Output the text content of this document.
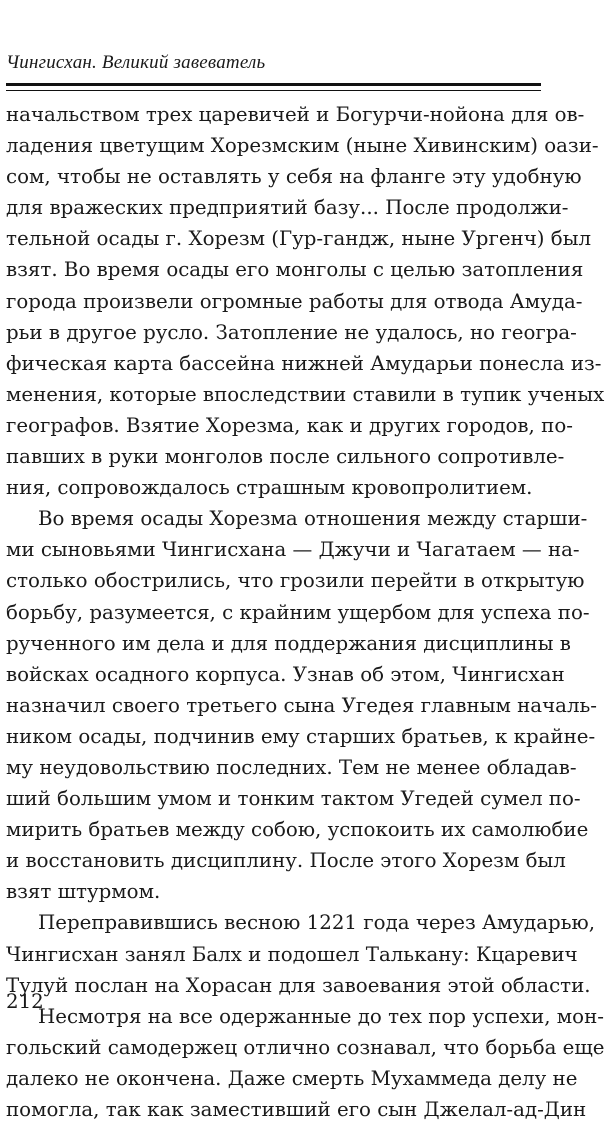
Чингисхан. Великий завеватель
начальством трех царевичей и Богурчи-нойона для ов-
ладения цветущим Хорезмским (ныне Хивинским) оази-
сом, чтобы не оставлять у себя на фланге эту удобную
для вражеских предприятий базу... После продолжи-
тельной осады г. Хорезм (Гур-гандж, ныне Ургенч) был
взят. Во время осады его монголы с целью затопления
города произвели огромные работы для отвода Амуда-
рьи в другое русло. Затопление не удалось, но геогра-
фическая карта бассейна нижней Амударьи понесла из-
менения, которые впоследствии ставили в тупик ученых
географов. Взятие Хорезма, как и других городов, по-
павших в руки монголов после сильного сопротивле-
ния, сопровождалось страшным кровопролитием.
Во время осады Хорезма отношения между старши-
ми сыновьями Чингисхана — Джучи и Чагатаем — на-
столько обострились, что грозили перейти в открытую
борьбу, разумеется, с крайним ущербом для успеха по-
рученного им дела и для поддержания дисциплины в
войсках осадного корпуса. Узнав об этом, Чингисхан
назначил своего третьего сына Угедея главным началь-
ником осады, подчинив ему старших братьев, к крайне-
му неудовольствию последних. Тем не менее обладав-
ший большим умом и тонким тактом Угедей сумел по-
мирить братьев между собою, успокоить их самолюбие
и восстановить дисциплину. После этого Хорезм был
взят штурмом.
Переправившись весною 1221 года через Амударью,
Чингисхан занял Балх и подошел Талькану: Кцаревич
Тулуй послан на Хорасан для завоевания этой области.
Несмотря на все одержанные до тех пор успехи, мон-
гольский самодержец отлично сознавал, что борьба еще
далеко не окончена. Даже смерть Мухаммеда делу не
помогла, так как заместивший его сын Джелал-ад-Дин
212
